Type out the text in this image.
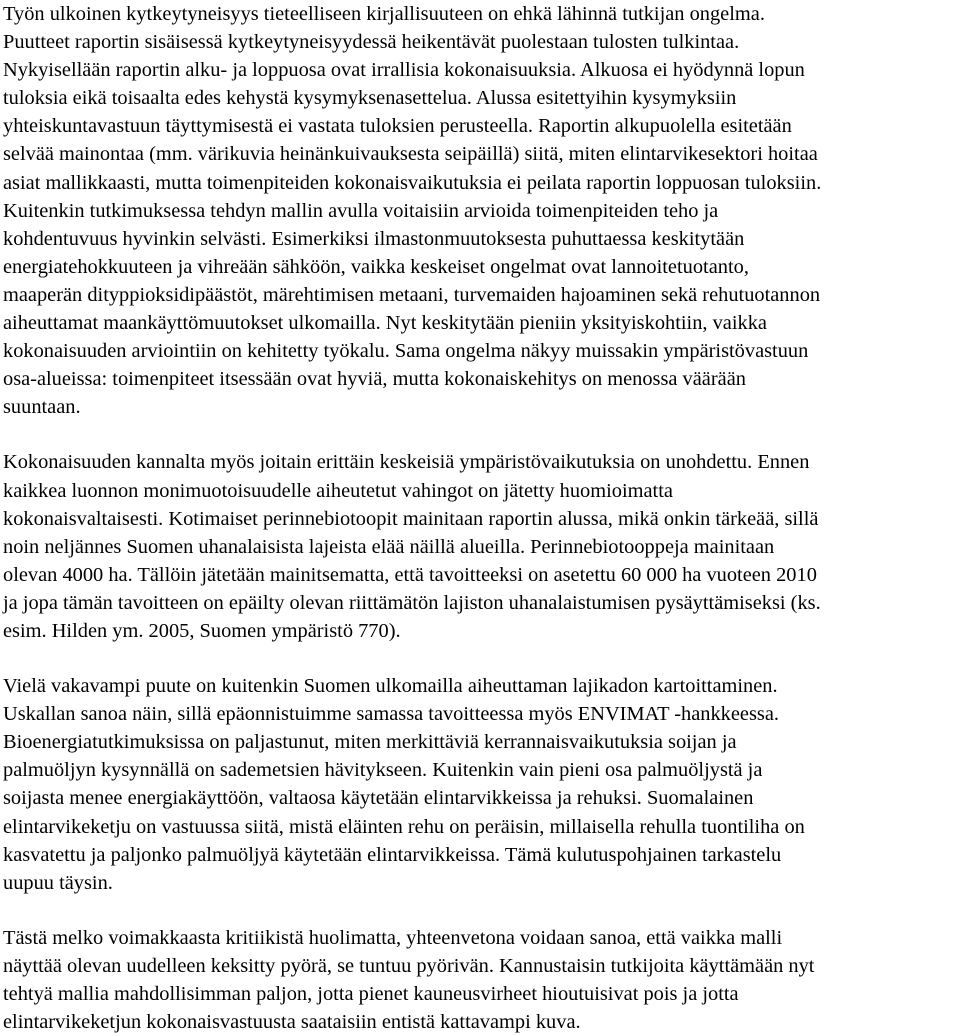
Työn ulkoinen kytkeytyneisyys tieteelliseen kirjallisuuteen on ehkä lähinnä tutkijan ongelma.
Puutteet raportin sisäisessä kytkeytyneisyydessä heikentävät puolestaan tulosten tulkintaa.
Nykyisellään raportin alku- ja loppuosa ovat irrallisia kokonaisuuksia. Alkuosa ei hyödynnä lopun
tuloksia eikä toisaalta edes kehystä kysymyksenasettelua. Alussa esitettyihin kysymyksiin
yhteiskuntavastuun täyttymisestä ei vastata tuloksien perusteella. Raportin alkupuolella esitetään
selvää mainontaa (mm. värikuvia heinänkuivauksesta seipäillä) siitä, miten elintarvikesektori hoitaa
asiat mallikkaasti, mutta toimenpiteiden kokonaisvaikutuksia ei peilata raportin loppuosan tuloksiin.
Kuitenkin tutkimuksessa tehdyn mallin avulla voitaisiin arvioida toimenpiteiden teho ja
kohdentuvuus hyvinkin selvästi. Esimerkiksi ilmastonmuutoksesta puhuttaessa keskitytään
energiatehokkuuteen ja vihreään sähköön, vaikka keskeiset ongelmat ovat lannoitetuotanto,
maaperän dityppioksidipäästöt, märehtimisen metaani, turvemaiden hajoaminen sekä rehutuotannon
aiheuttamat maankäyttömuutokset ulkomailla. Nyt keskitytään pieniin yksityiskohtiin, vaikka
kokonaisuuden arviointiin on kehitetty työkalu. Sama ongelma näkyy muissakin ympäristövastuun
osa-alueissa: toimenpiteet itsessään ovat hyviä, mutta kokonaiskehitys on menossa väärään
suuntaan.

Kokonaisuuden kannalta myös joitain erittäin keskeisiä ympäristövaikutuksia on unohdettu. Ennen
kaikkea luonnon monimuotoisuudelle aiheutetut vahingot on jätetty huomioimatta
kokonaisvaltaisesti. Kotimaiset perinnebiotoopit mainitaan raportin alussa, mikä onkin tärkeää, sillä
noin neljännes Suomen uhanalaisista lajeista elää näillä alueilla. Perinnebiotooppeja mainitaan
olevan 4000 ha. Tällöin jätetään mainitsematta, että tavoitteeksi on asetettu 60 000 ha vuoteen 2010
ja jopa tämän tavoitteen on epäilty olevan riittämätön lajiston uhanalaistumisen pysäyttämiseksi (ks.
esim. Hilden ym. 2005, Suomen ympäristö 770).

Vielä vakavampi puute on kuitenkin Suomen ulkomailla aiheuttaman lajikadon kartoittaminen.
Uskallan sanoa näin, sillä epäonnistuimme samassa tavoitteessa myös ENVIMAT -hankkeessa.
Bioenergiatutkimuksissa on paljastunut, miten merkittäviä kerrannaisvaikutuksia soijan ja
palmuöljyn kysynnällä on sademetsien hävitykseen. Kuitenkin vain pieni osa palmuöljystä ja
soijasta menee energiakäyttöön, valtaosa käytetään elintarvikkeissa ja rehuksi. Suomalainen
elintarvikeketju on vastuussa siitä, mistä eläinten rehu on peräisin, millaisella rehulla tuontiliha on
kasvatettu ja paljonko palmuöljyä käytetään elintarvikkeissa. Tämä kulutuspohjainen tarkastelu
uupuu täysin.

Tästä melko voimakkaasta kritiikistä huolimatta, yhteenvetona voidaan sanoa, että vaikka malli
näyttää olevan uudelleen keksitty pyörä, se tuntuu pyörivän. Kannustaisin tutkijoita käyttämään nyt
tehtyä mallia mahdollisimman paljon, jotta pienet kauneusvirheet hioutuisivat pois ja jotta
elintarvikeketjun kokonaisvastuusta saataisiin entistä kattavampi kuva.
